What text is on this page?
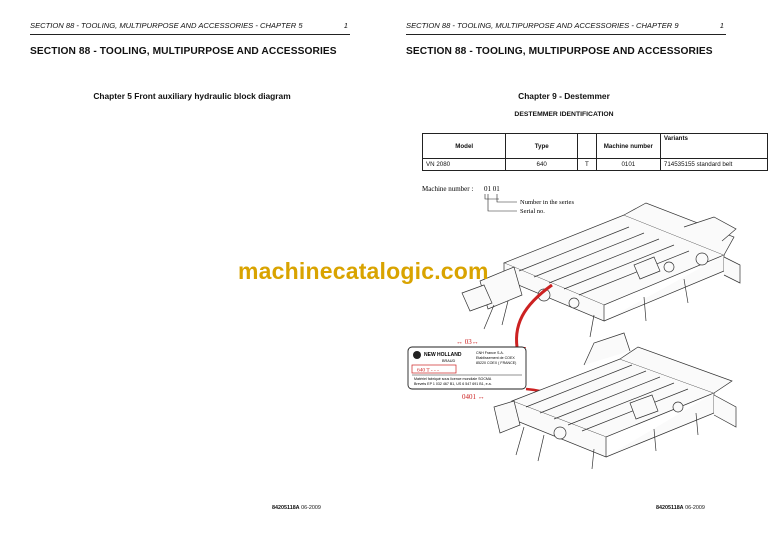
SECTION 88 - TOOLING, MULTIPURPOSE AND ACCESSORIES - CHAPTER 5	1
SECTION 88 - TOOLING, MULTIPURPOSE AND ACCESSORIES
Chapter 5 Front auxiliary hydraulic block diagram
84205118A 06-2009
SECTION 88 - TOOLING, MULTIPURPOSE AND ACCESSORIES - CHAPTER 9	1
SECTION 88 - TOOLING, MULTIPURPOSE AND ACCESSORIES
Chapter 9 - Destemmer
DESTEMMER IDENTIFICATION
Model	Type		Machine number	Variants
VN 2080	640	T	0101	714535155 standard belt
Machine number : 01 01
Number in the series
Serial no.
↔ 03↔
NEW HOLLAND
BRAUD
CNH France S.A.
Etablissement de COEX
85220 COEX ( FRANCE)
640 T - - -
Matériel fabriqué sous licence mondiale SOCMA
Brevets EP 1 032 467 B1, US 6 547 691 B1, e.a.
0401 ↔
84205118A 06-2009
machinecatalogic.com
